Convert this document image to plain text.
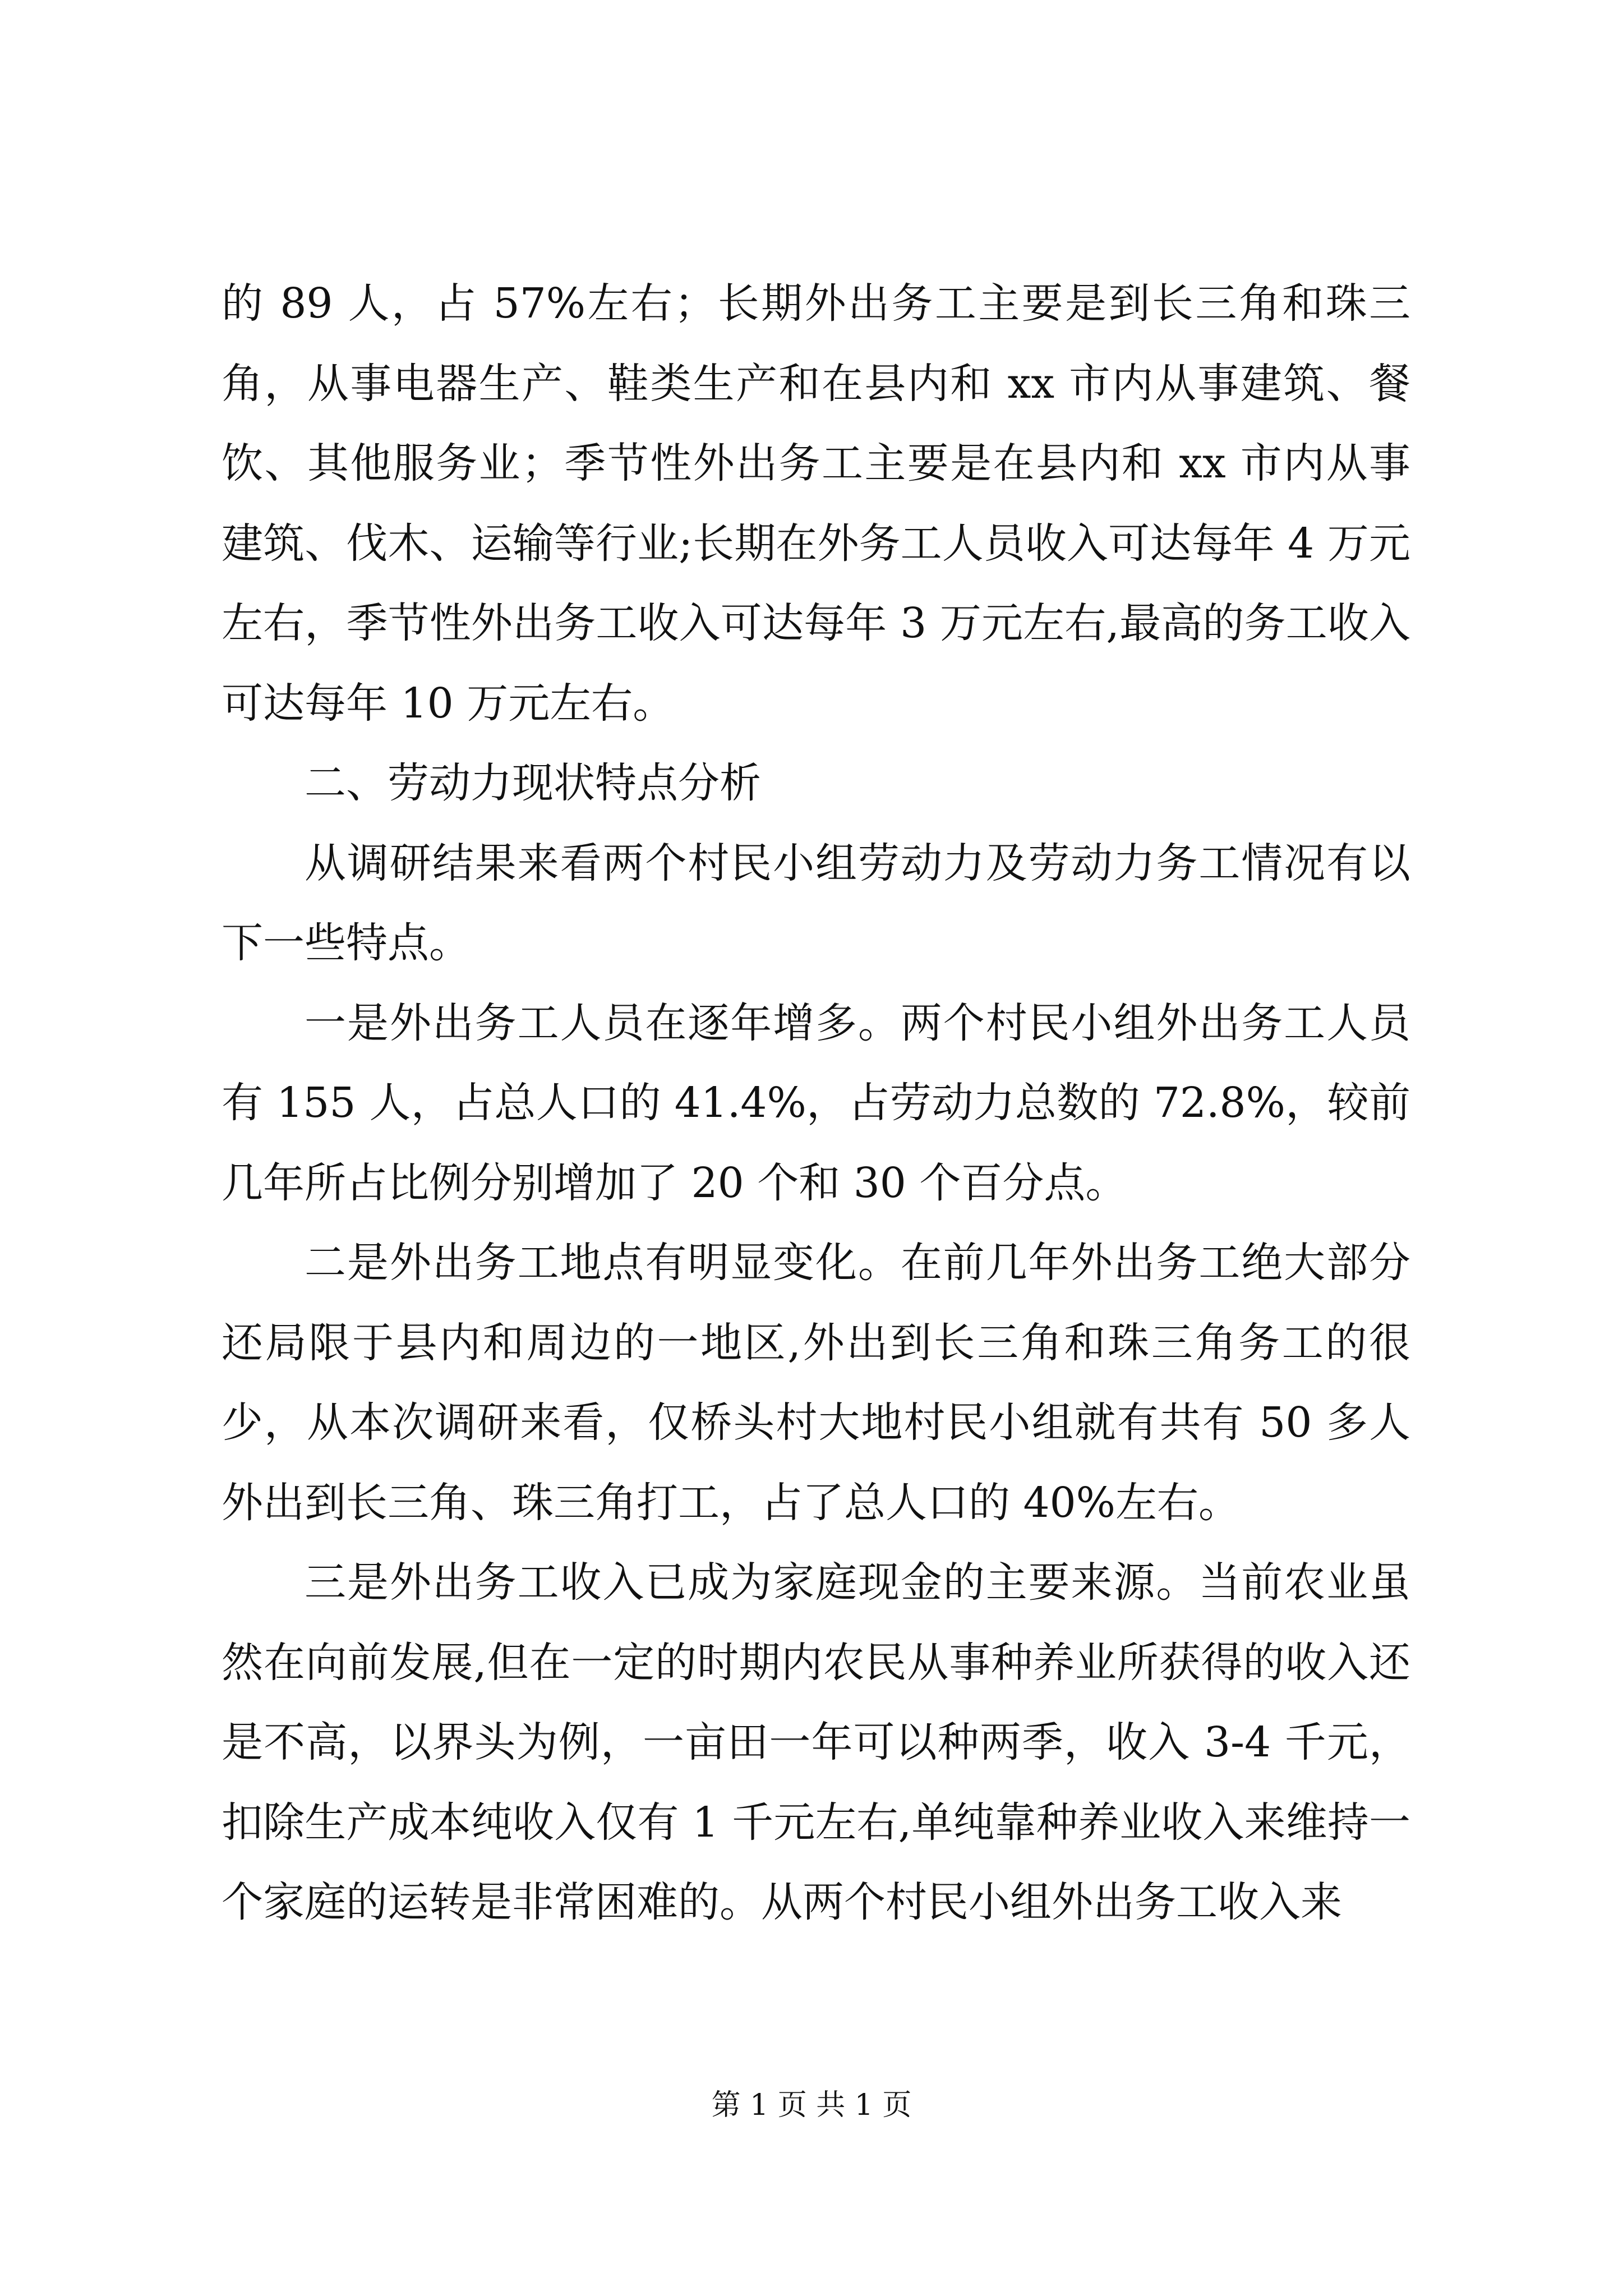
的 89 人，占 57%左右；长期外出务工主要是到长三角和珠三角，从事电器生产、鞋类生产和在县内和 xx 市内从事建筑、餐饮、其他服务业；季节性外出务工主要是在县内和 xx 市内从事建筑、伐木、运输等行业;长期在外务工人员收入可达每年 4 万元左右，季节性外出务工收入可达每年 3 万元左右,最高的务工收入可达每年 10 万元左右。

二、劳动力现状特点分析

从调研结果来看两个村民小组劳动力及劳动力务工情况有以下一些特点。

一是外出务工人员在逐年增多。两个村民小组外出务工人员有 155 人，占总人口的 41.4%，占劳动力总数的 72.8%，较前几年所占比例分别增加了 20 个和 30 个百分点。

二是外出务工地点有明显变化。在前几年外出务工绝大部分还局限于县内和周边的一地区,外出到长三角和珠三角务工的很少，从本次调研来看，仅桥头村大地村民小组就有共有 50 多人外出到长三角、珠三角打工，占了总人口的 40%左右。

三是外出务工收入已成为家庭现金的主要来源。当前农业虽然在向前发展,但在一定的时期内农民从事种养业所获得的收入还是不高，以界头为例，一亩田一年可以种两季，收入 3-4 千元，扣除生产成本纯收入仅有 1 千元左右,单纯靠种养业收入来维持一个家庭的运转是非常困难的。从两个村民小组外出务工收入来

第 1 页 共 1 页
